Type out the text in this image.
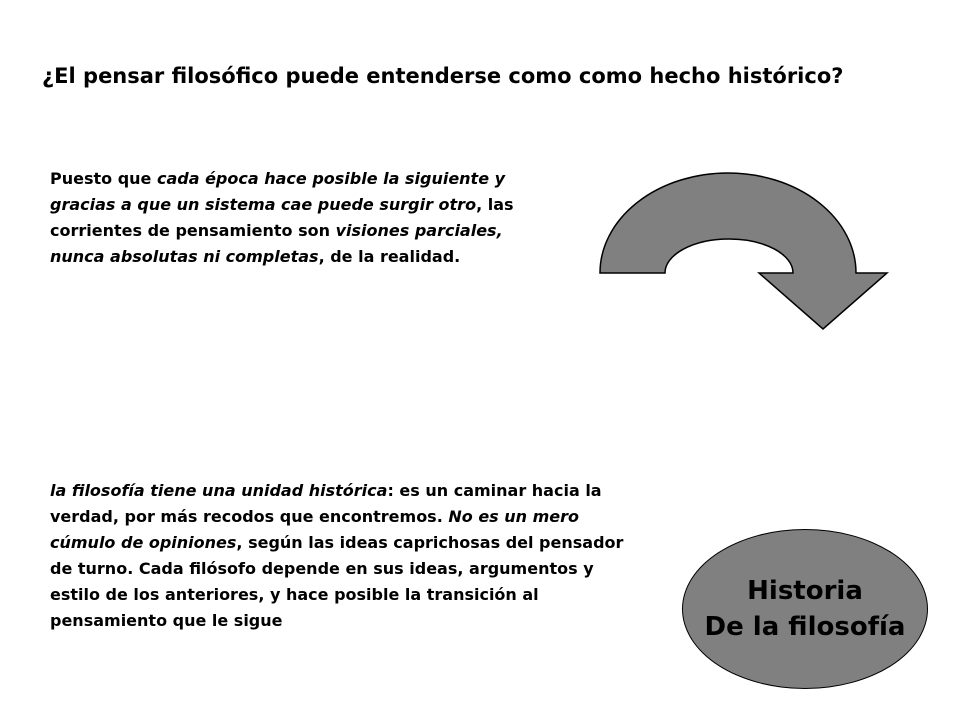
¿El pensar filosófico puede entenderse como como hecho histórico?

Puesto que cada época hace posible la siguiente y gracias a que un sistema cae puede surgir otro, las corrientes de pensamiento son visiones parciales, nunca absolutas ni completas, de la realidad.

la filosofía tiene una unidad histórica: es un caminar hacia la verdad, por más recodos que encontremos. No es un mero cúmulo de opiniones, según las ideas caprichosas del pensador de turno. Cada filósofo depende en sus ideas, argumentos y estilo de los anteriores, y hace posible la transición al pensamiento que le sigue

Historia
De la filosofía
